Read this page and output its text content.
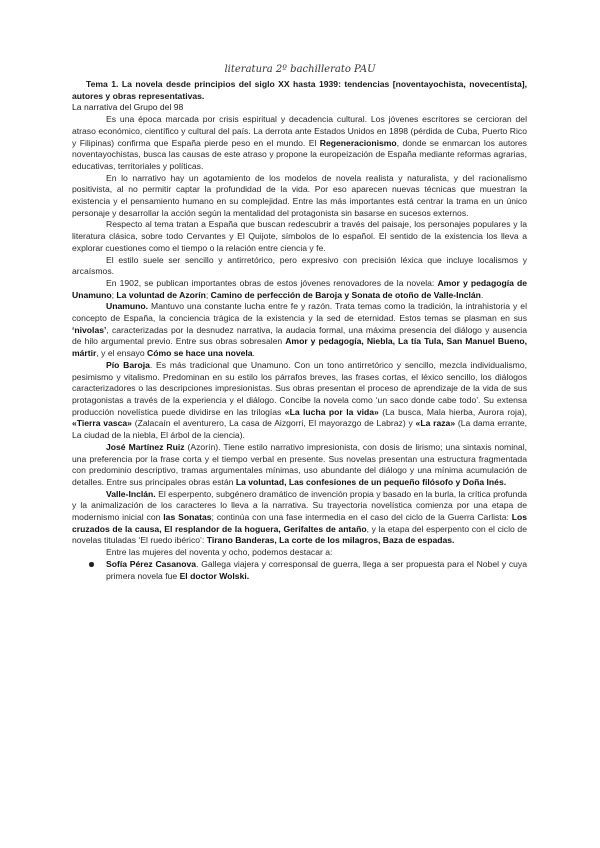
literatura 2º bachillerato PAU

Tema 1. La novela desde principios del siglo XX hasta 1939: tendencias [noventayochista, novecentista], autores y obras representativas.

La narrativa del Grupo del 98

Es una época marcada por crisis espiritual y decadencia cultural. Los jóvenes escritores se cercioran del atraso económico, científico y cultural del país. La derrota ante Estados Unidos en 1898 (pérdida de Cuba, Puerto Rico y Filipinas) confirma que España pierde peso en el mundo. El Regeneracionismo, donde se enmarcan los autores noventayochistas, busca las causas de este atraso y propone la europeización de España mediante reformas agrarias, educativas, territoriales y políticas.

En lo narrativo hay un agotamiento de los modelos de novela realista y naturalista, y del racionalismo positivista, al no permitir captar la profundidad de la vida. Por eso aparecen nuevas técnicas que muestran la existencia y el pensamiento humano en su complejidad. Entre las más importantes está centrar la trama en un único personaje y desarrollar la acción según la mentalidad del protagonista sin basarse en sucesos externos.

Respecto al tema tratan a España que buscan redescubrir a través del paisaje, los personajes populares y la literatura clásica, sobre todo Cervantes y El Quijote, símbolos de lo español. El sentido de la existencia los lleva a explorar cuestiones como el tiempo o la relación entre ciencia y fe.

El estilo suele ser sencillo y antirretórico, pero expresivo con precisión léxica que incluye localismos y arcaísmos.

En 1902, se publican importantes obras de estos jóvenes renovadores de la novela: Amor y pedagogía de Unamuno; La voluntad de Azorín; Camino de perfección de Baroja y Sonata de otoño de Valle-Inclán.

Unamuno. Mantuvo una constante lucha entre fe y razón. Trata temas como la tradición, la intrahistoria y el concepto de España, la conciencia trágica de la existencia y la sed de eternidad. Estos temas se plasman en sus ‘nivolas’, caracterizadas por la desnudez narrativa, la audacia formal, una máxima presencia del diálogo y ausencia de hilo argumental previo. Entre sus obras sobresalen Amor y pedagogía, Niebla, La tía Tula, San Manuel Bueno, mártir, y el ensayo Cómo se hace una novela.

Pío Baroja. Es más tradicional que Unamuno. Con un tono antirretórico y sencillo, mezcla individualismo, pesimismo y vitalismo. Predominan en su estilo los párrafos breves, las frases cortas, el léxico sencillo, los diálogos caracterizadores o las descripciones impresionistas. Sus obras presentan el proceso de aprendizaje de la vida de sus protagonistas a través de la experiencia y el diálogo. Concibe la novela como ‘un saco donde cabe todo’. Su extensa producción novelística puede dividirse en las trilogías «La lucha por la vida» (La busca, Mala hierba, Aurora roja), «Tierra vasca» (Zalacaín el aventurero, La casa de Aizgorri, El mayorazgo de Labraz) y «La raza» (La dama errante, La ciudad de la niebla, El árbol de la ciencia).

José Martínez Ruiz (Azorín). Tiene estilo narrativo impresionista, con dosis de lirismo; una sintaxis nominal, una preferencia por la frase corta y el tiempo verbal en presente. Sus novelas presentan una estructura fragmentada con predominio descriptivo, tramas argumentales mínimas, uso abundante del diálogo y una mínima acumulación de detalles. Entre sus principales obras están La voluntad, Las confesiones de un pequeño filósofo y Doña Inés.

Valle-Inclán. El esperpento, subgénero dramático de invención propia y basado en la burla, la crítica profunda y la animalización de los caracteres lo lleva a la narrativa. Su trayectoria novelística comienza por una etapa de modernismo inicial con las Sonatas; continúa con una fase intermedia en el caso del ciclo de la Guerra Carlista: Los cruzados de la causa, El resplandor de la hoguera, Gerifaltes de antaño, y la etapa del esperpento con el ciclo de novelas tituladas ‘El ruedo ibérico’: Tirano Banderas, La corte de los milagros, Baza de espadas.

Entre las mujeres del noventa y ocho, podemos destacar a:

Sofía Pérez Casanova. Gallega viajera y corresponsal de guerra, llega a ser propuesta para el Nobel y cuya primera novela fue El doctor Wolski.
